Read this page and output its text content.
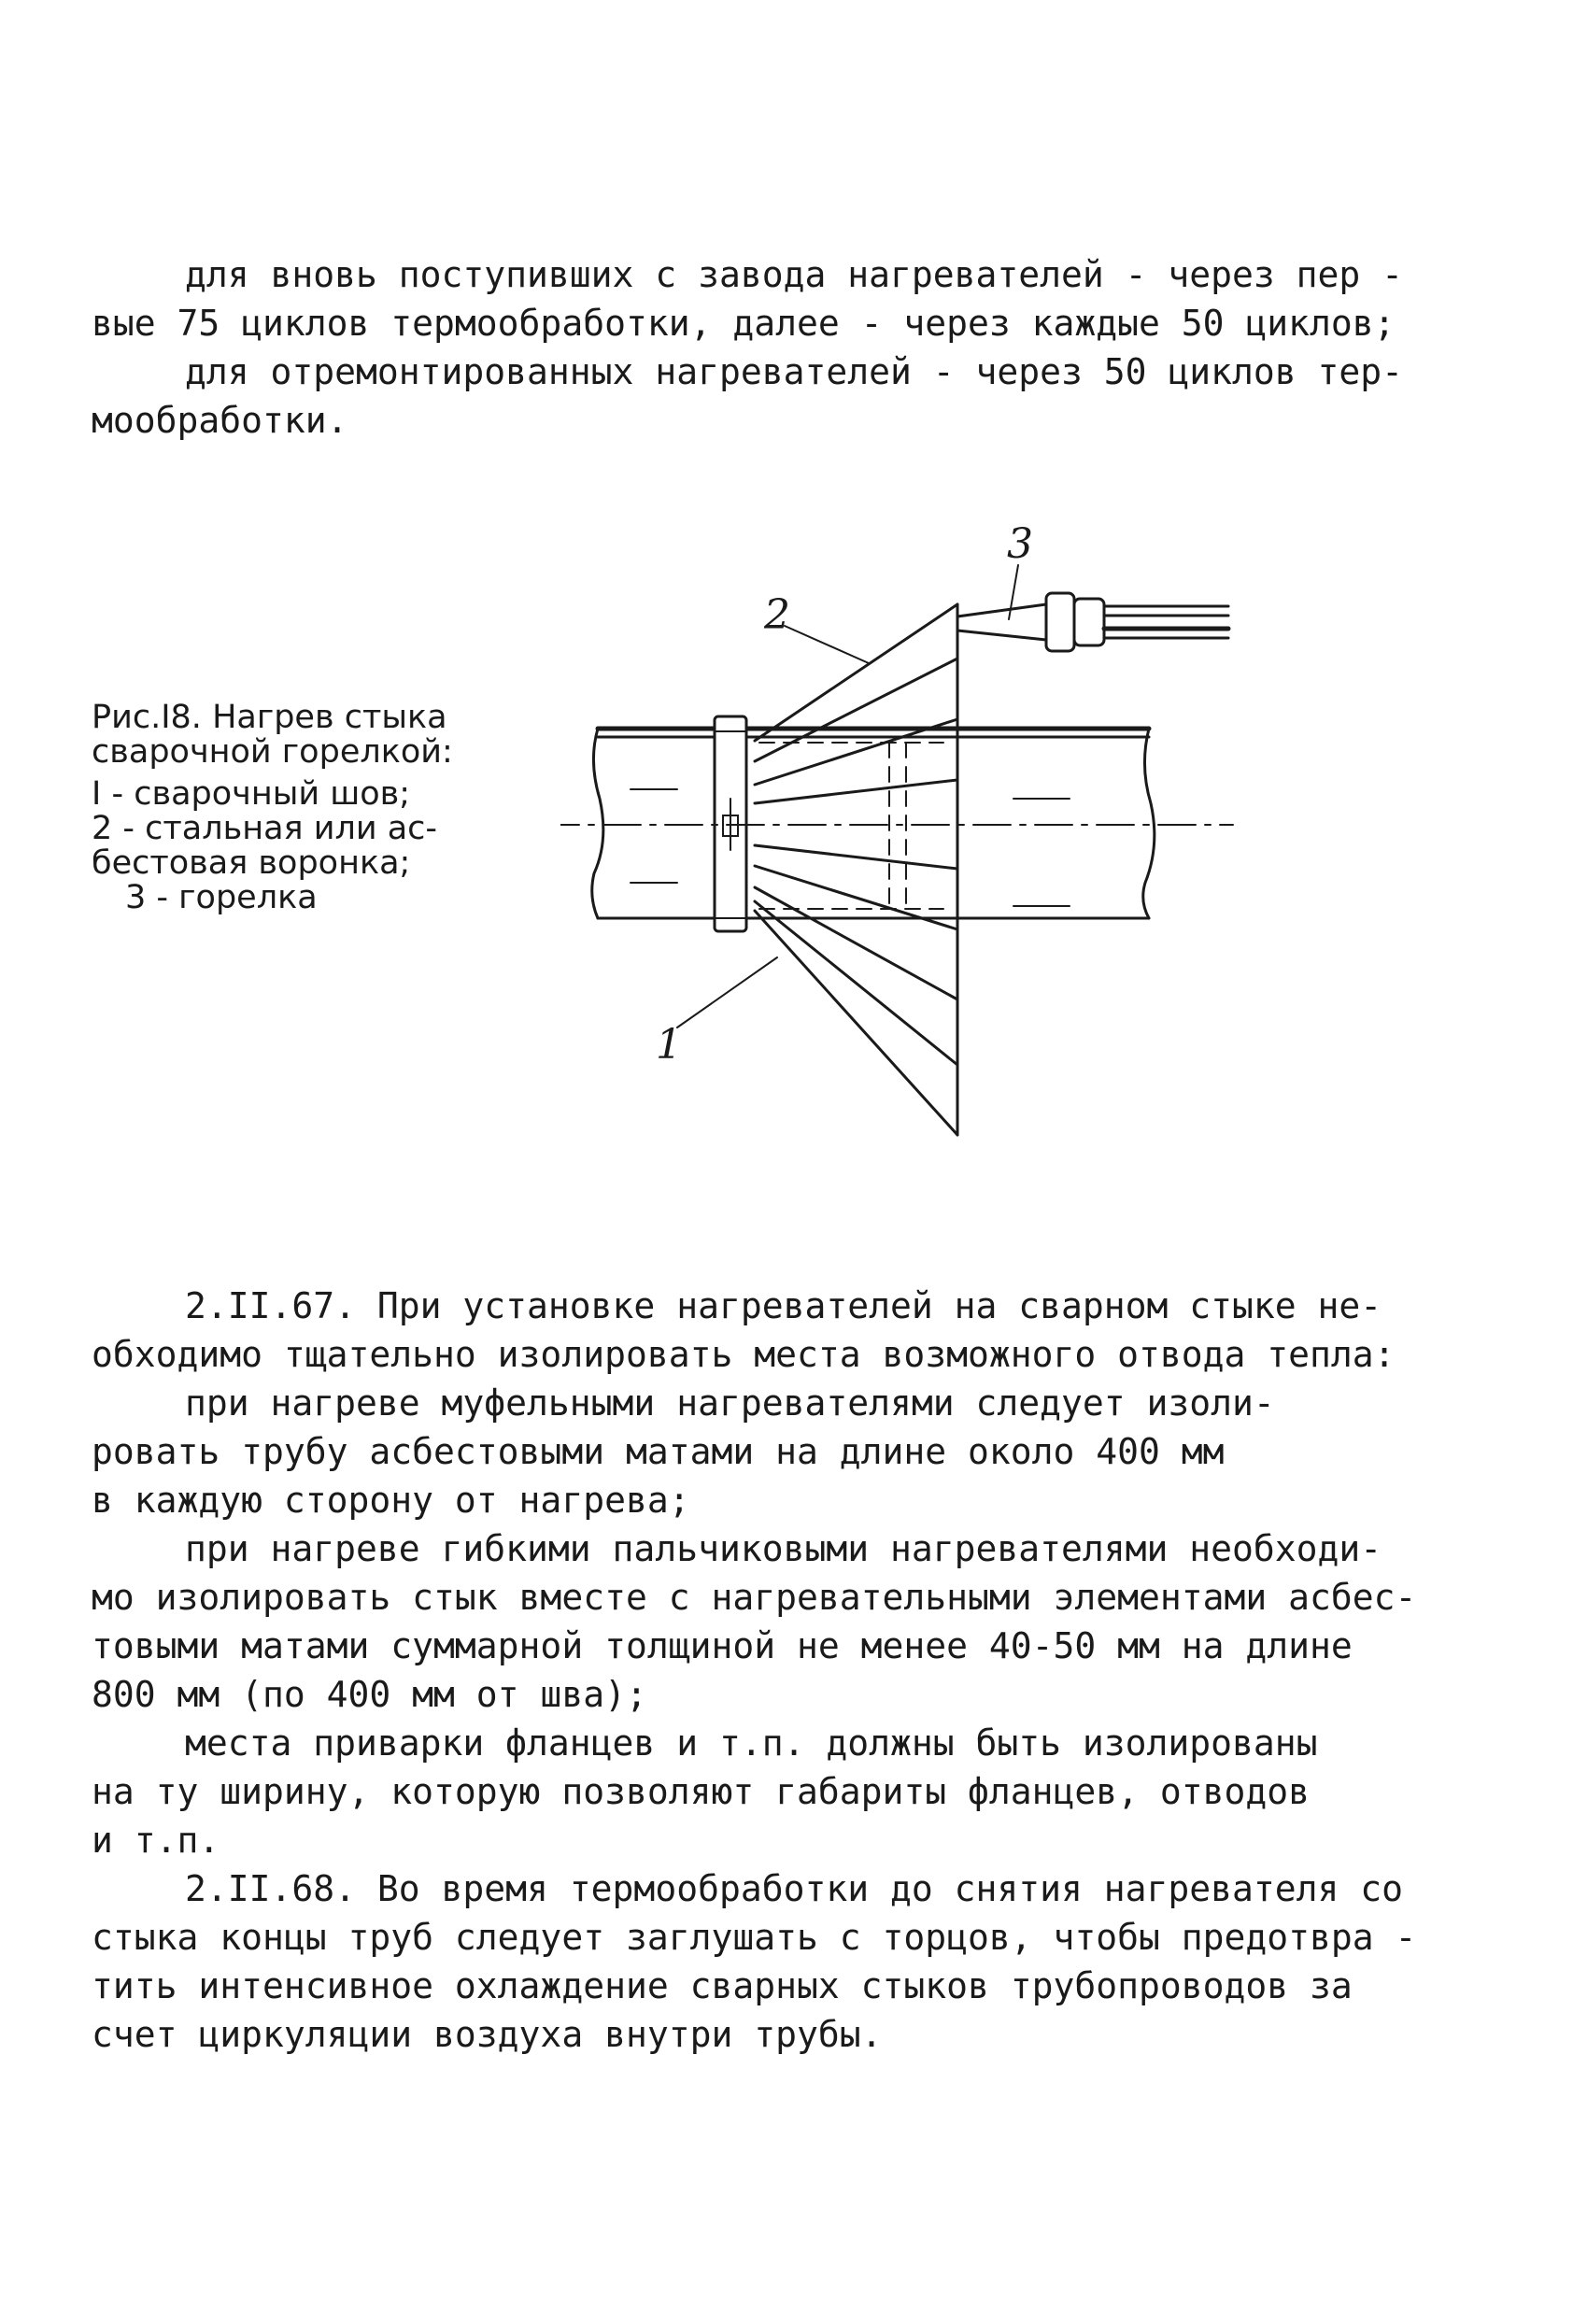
для вновь поступивших с завода нагревателей - через пер -

вые 75 циклов термообработки, далее - через каждые 50 циклов;

для отремонтированных нагревателей - через 50 циклов тер-

мообработки.

Рис.I8. Нагрев стыка

сварочной горелкой:

I - сварочный шов;

2 - стальная или ас-

бестовая воронка;

3 - горелка

3
2
1

2.II.67. При установке нагревателей на сварном стыке не-

обходимо тщательно изолировать места возможного отвода тепла:

при нагреве муфельными нагревателями следует изоли-

ровать трубу асбестовыми матами на длине около 400 мм

в каждую сторону от нагрева;

при нагреве гибкими пальчиковыми нагревателями необходи-

мо изолировать стык вместе с нагревательными элементами асбес-

товыми матами суммарной толщиной не менее 40-50 мм на длине

800 мм (по 400 мм от шва);

места приварки фланцев и т.п. должны быть изолированы

на ту ширину, которую позволяют габариты фланцев, отводов

и т.п.

2.II.68. Во время термообработки до снятия нагревателя со

стыка концы труб следует заглушать с торцов, чтобы предотвра -

тить интенсивное охлаждение сварных стыков трубопроводов за

счет циркуляции воздуха внутри трубы.
